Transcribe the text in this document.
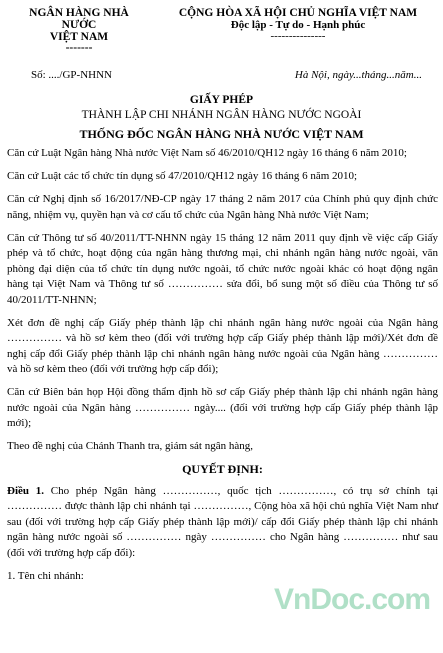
NGÂN HÀNG NHÀ
NƯỚC
VIỆT NAM
-------
CỘNG HÒA XÃ HỘI CHỦ NGHĨA VIỆT NAM
Độc lập - Tự do - Hạnh phúc
---------------
Số: ..../GP-NHNN	Hà Nội, ngày...tháng...năm...
GIẤY PHÉP
THÀNH LẬP CHI NHÁNH NGÂN HÀNG NƯỚC NGOÀI
THỐNG ĐỐC NGÂN HÀNG NHÀ NƯỚC VIỆT NAM

Căn cứ Luật Ngân hàng Nhà nước Việt Nam số 46/2010/QH12 ngày 16 tháng 6 năm 2010;

Căn cứ Luật các tổ chức tín dụng số 47/2010/QH12 ngày 16 tháng 6 năm 2010;

Căn cứ Nghị định số 16/2017/NĐ-CP ngày 17 tháng 2 năm 2017 của Chính phủ quy định chức năng, nhiệm vụ, quyền hạn và cơ cấu tổ chức của Ngân hàng Nhà nước Việt Nam;

Căn cứ Thông tư số 40/2011/TT-NHNN ngày 15 tháng 12 năm 2011 quy định về việc cấp Giấy phép và tổ chức, hoạt động của ngân hàng thương mại, chi nhánh ngân hàng nước ngoài, văn phòng đại diện của tổ chức tín dụng nước ngoài, tổ chức nước ngoài khác có hoạt động ngân hàng tại Việt Nam và Thông tư số …………… sửa đổi, bổ sung một số điều của Thông tư số 40/2011/TT-NHNN;

Xét đơn đề nghị cấp Giấy phép thành lập chi nhánh ngân hàng nước ngoài của Ngân hàng …………… và hồ sơ kèm theo (đối với trường hợp cấp Giấy phép thành lập mới)/Xét đơn đề nghị cấp đổi Giấy phép thành lập chi nhánh ngân hàng nước ngoài của Ngân hàng …………… và hồ sơ kèm theo (đối với trường hợp cấp đổi);

Căn cứ Biên bản họp Hội đồng thẩm định hồ sơ cấp Giấy phép thành lập chi nhánh ngân hàng nước ngoài của Ngân hàng …………… ngày.... (đối với trường hợp cấp Giấy phép thành lập mới);

Theo đề nghị của Chánh Thanh tra, giám sát ngân hàng,

QUYẾT ĐỊNH:

Điều 1. Cho phép Ngân hàng ……………, quốc tịch ……………, có trụ sở chính tại …………… được thành lập chi nhánh tại ……………, Cộng hòa xã hội chủ nghĩa Việt Nam như sau (đối với trường hợp cấp Giấy phép thành lập mới)/ cấp đổi Giấy phép thành lập chi nhánh ngân hàng nước ngoài số …………… ngày …………… cho Ngân hàng …………… như sau (đối với trường hợp cấp đổi):

1. Tên chi nhánh:

VnDoc.com
